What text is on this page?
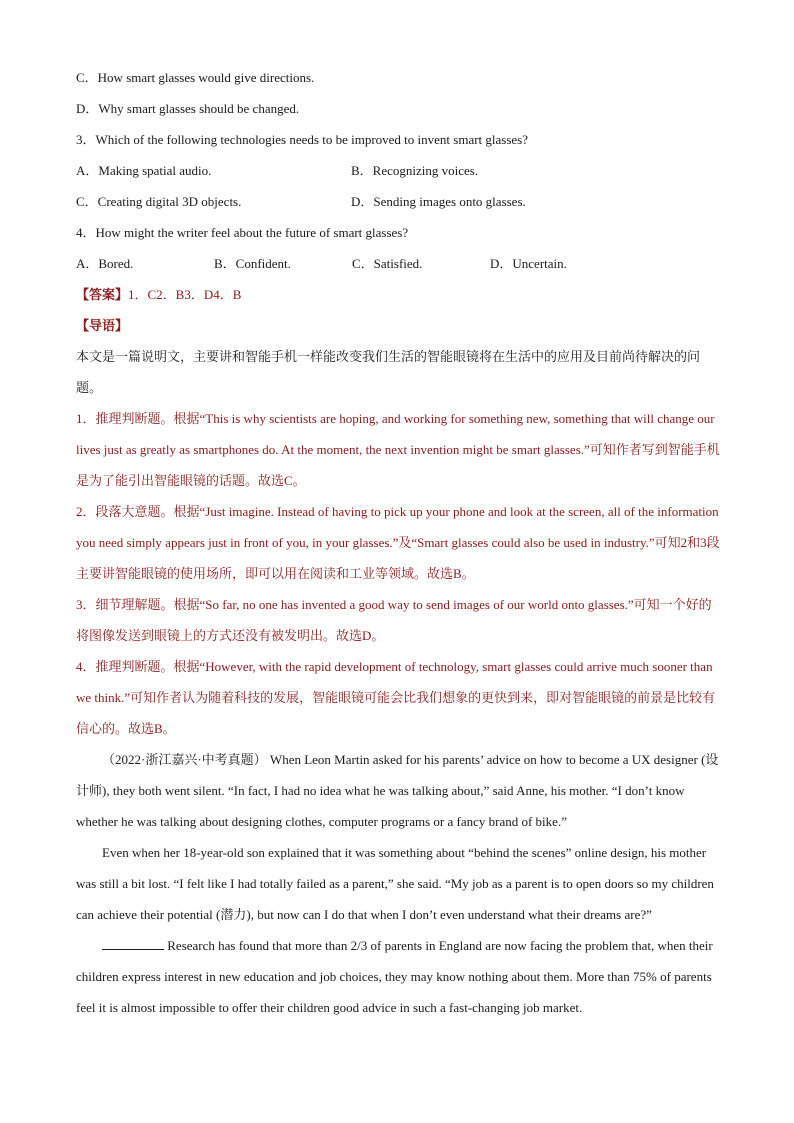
C．How smart glasses would give directions.
D．Why smart glasses should be changed.
3．Which of the following technologies needs to be improved to invent smart glasses?
A．Making spatial audio.	B．Recognizing voices.
C．Creating digital 3D objects.	D．Sending images onto glasses.
4．How might the writer feel about the future of smart glasses?
A．Bored.	B．Confident.	C．Satisfied.	D．Uncertain.
【答案】1．C2．B3．D4．B
【导语】
本文是一篇说明文，主要讲和智能手机一样能改变我们生活的智能眼镜将在生活中的应用及目前尚待解决的问题。
1．推理判断题。根据“This is why scientists are hoping, and working for something new, something that will change our lives just as greatly as smartphones do. At the moment, the next invention might be smart glasses.”可知作者写到智能手机是为了能引出智能眼镜的话题。故选C。
2．段落大意题。根据“Just imagine. Instead of having to pick up your phone and look at the screen, all of the information you need simply appears just in front of you, in your glasses.”及“Smart glasses could also be used in industry.”可知2和3段主要讲智能眼镜的使用场所，即可以用在阅读和工业等领域。故选B。
3．细节理解题。根据“So far, no one has invented a good way to send images of our world onto glasses.”可知一个好的将图像发送到眼镜上的方式还没有被发明出。故选D。
4．推理判断题。根据“However, with the rapid development of technology, smart glasses could arrive much sooner than we think.”可知作者认为随着科技的发展，智能眼镜可能会比我们想象的更快到来，即对智能眼镜的前景是比较有信心的。故选B。
（2022·浙江嘉兴·中考真题） When Leon Martin asked for his parents’ advice on how to become a UX designer (设计师), they both went silent. “In fact, I had no idea what he was talking about,” said Anne, his mother. “I don’t know whether he was talking about designing clothes, computer programs or a fancy brand of bike.”
Even when her 18-year-old son explained that it was something about “behind the scenes” online design, his mother was still a bit lost. “I felt like I had totally failed as a parent,” she said. “My job as a parent is to open doors so my children can achieve their potential (潜力), but now can I do that when I don’t even understand what their dreams are?”
Research has found that more than 2/3 of parents in England are now facing the problem that, when their children express interest in new education and job choices, they may know nothing about them. More than 75% of parents feel it is almost impossible to offer their children good advice in such a fast-changing job market.
